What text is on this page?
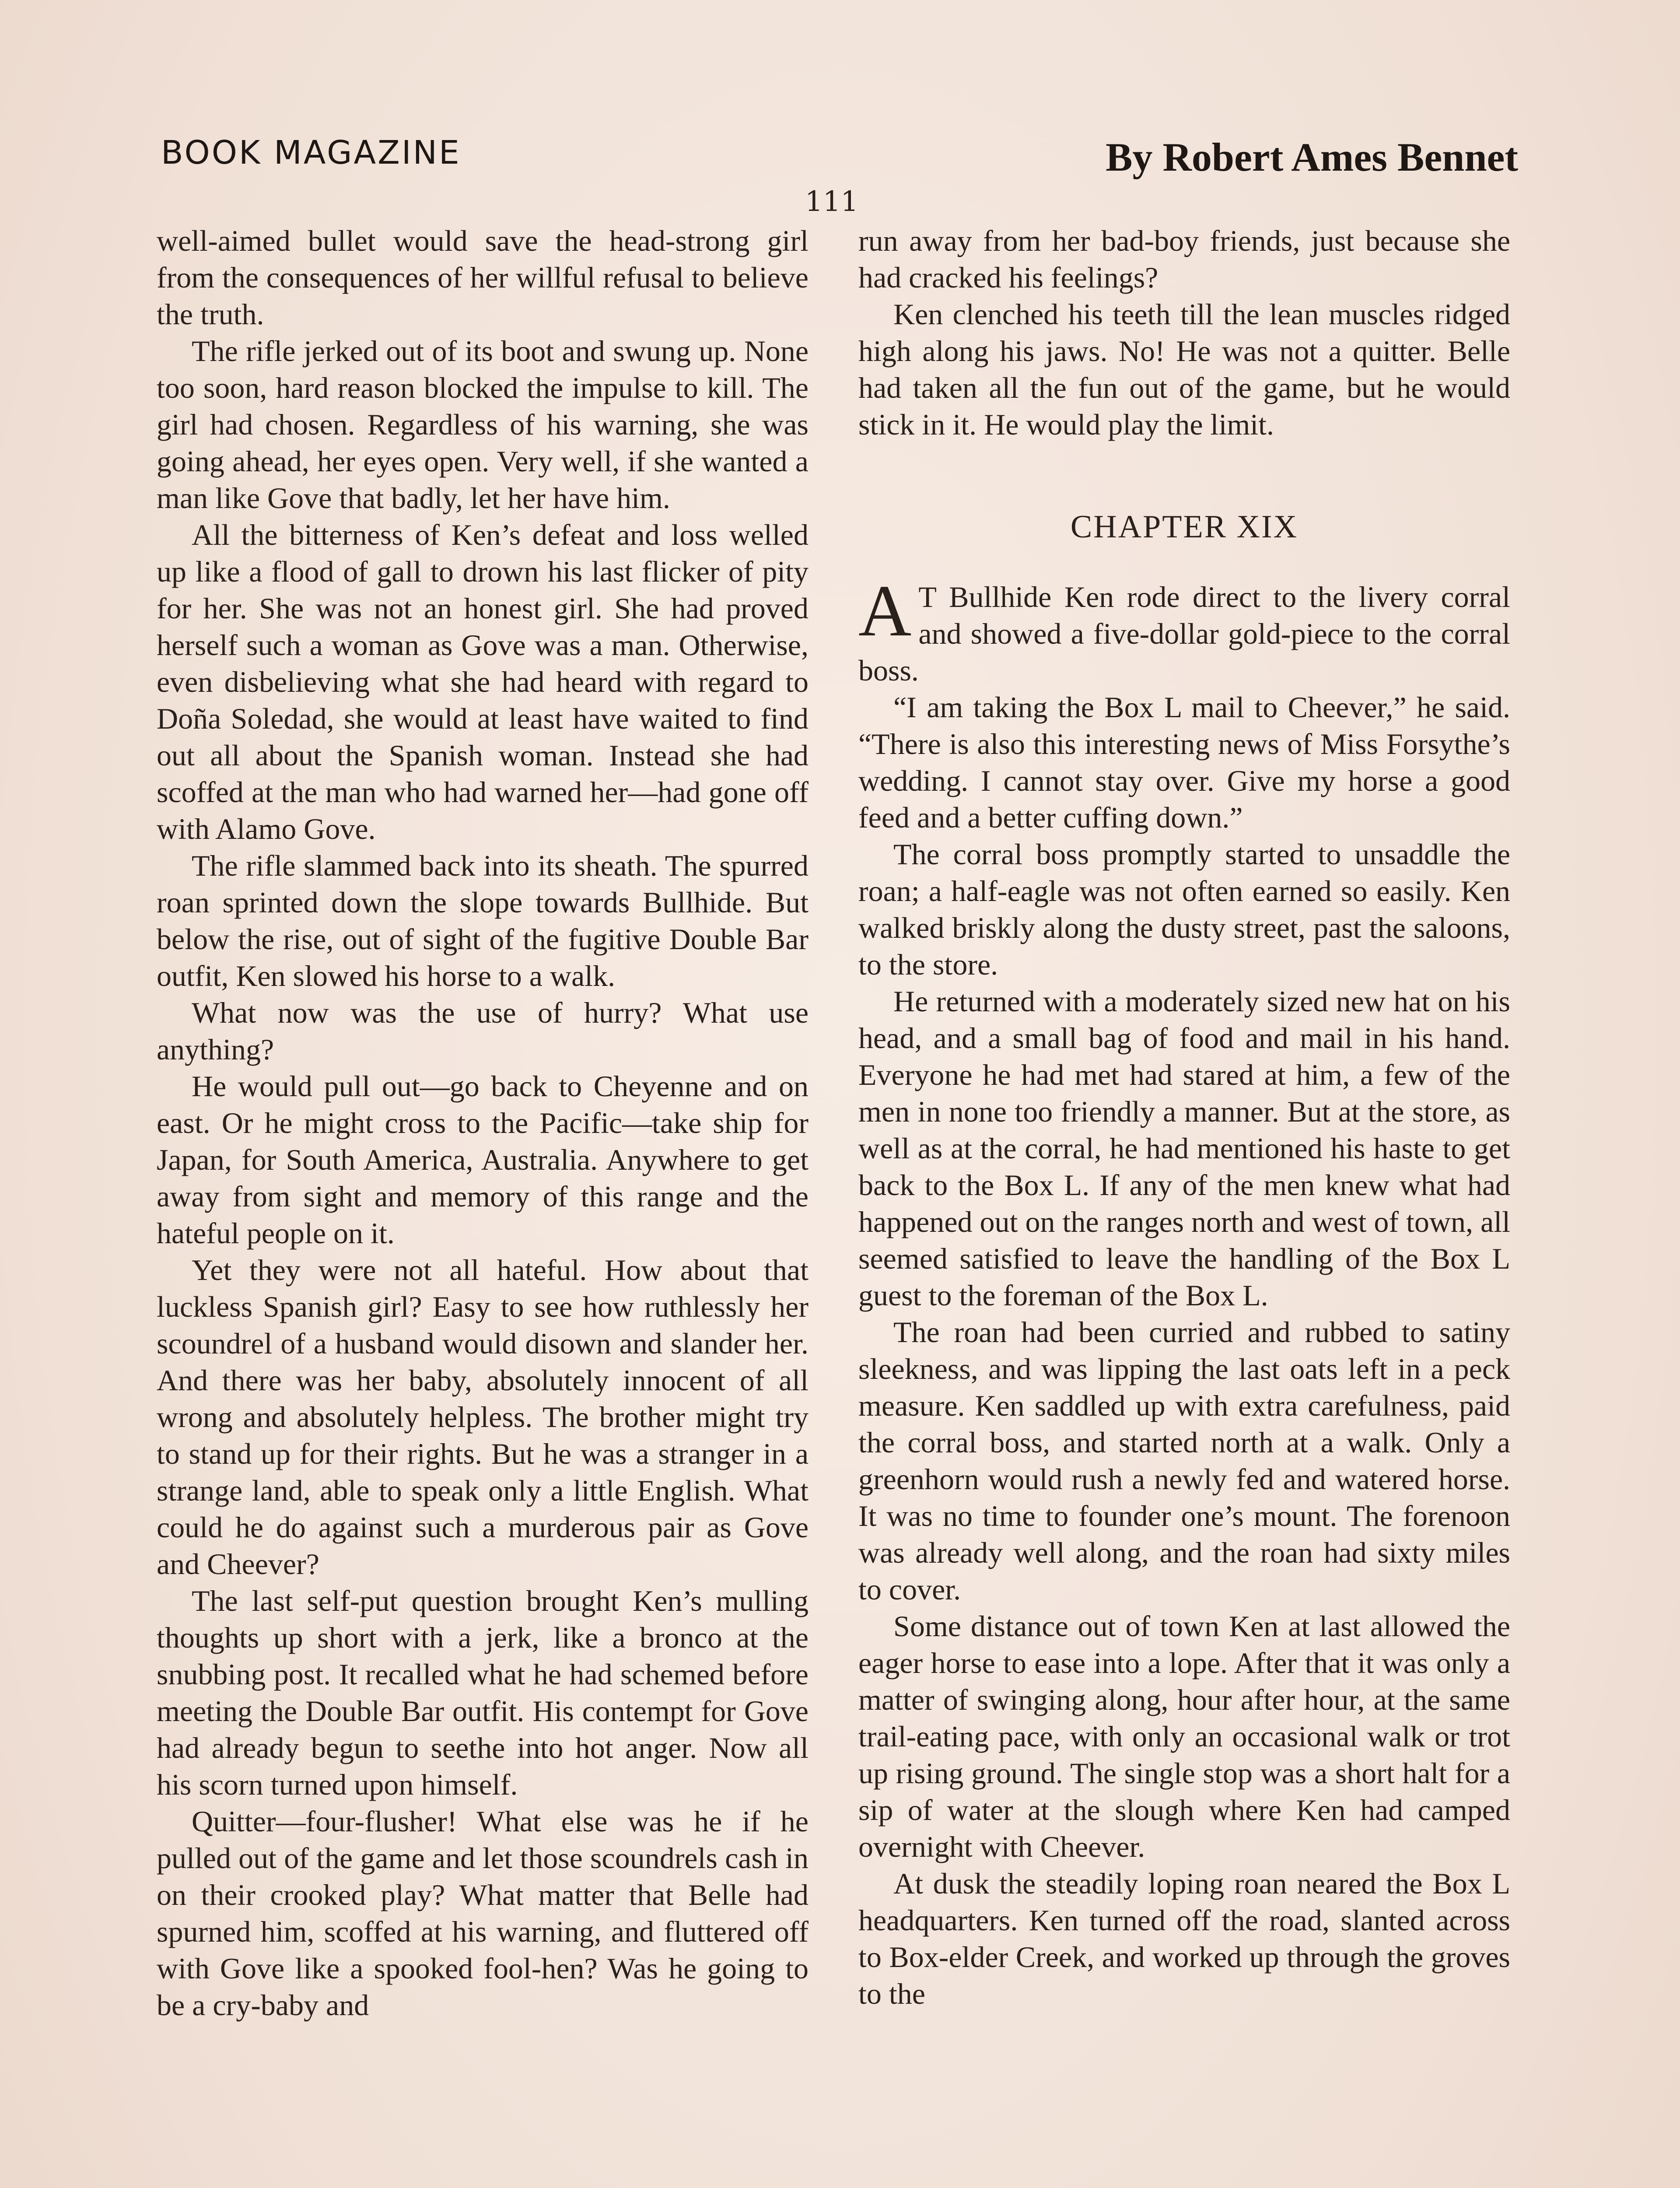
BOOK MAGAZINE	By Robert Ames Bennet
111

well-aimed bullet would save the head-strong girl from the consequences of her willful refusal to believe the truth.

The rifle jerked out of its boot and swung up. None too soon, hard reason blocked the impulse to kill. The girl had chosen. Regardless of his warning, she was going ahead, her eyes open. Very well, if she wanted a man like Gove that badly, let her have him.

All the bitterness of Ken’s defeat and loss welled up like a flood of gall to drown his last flicker of pity for her. She was not an honest girl. She had proved herself such a woman as Gove was a man. Otherwise, even disbelieving what she had heard with regard to Doña Soledad, she would at least have waited to find out all about the Spanish woman. Instead she had scoffed at the man who had warned her—had gone off with Alamo Gove.

The rifle slammed back into its sheath. The spurred roan sprinted down the slope towards Bullhide. But below the rise, out of sight of the fugitive Double Bar outfit, Ken slowed his horse to a walk.

What now was the use of hurry? What use anything?

He would pull out—go back to Cheyenne and on east. Or he might cross to the Pacific—take ship for Japan, for South America, Australia. Anywhere to get away from sight and memory of this range and the hateful people on it.

Yet they were not all hateful. How about that luckless Spanish girl? Easy to see how ruthlessly her scoundrel of a husband would disown and slander her. And there was her baby, absolutely innocent of all wrong and absolutely helpless. The brother might try to stand up for their rights. But he was a stranger in a strange land, able to speak only a little English. What could he do against such a murderous pair as Gove and Cheever?

The last self-put question brought Ken’s mulling thoughts up short with a jerk, like a bronco at the snubbing post. It recalled what he had schemed before meeting the Double Bar outfit. His contempt for Gove had already begun to seethe into hot anger. Now all his scorn turned upon himself.

Quitter—four-flusher! What else was he if he pulled out of the game and let those scoundrels cash in on their crooked play? What matter that Belle had spurned him, scoffed at his warning, and fluttered off with Gove like a spooked fool-hen? Was he going to be a cry-baby and

run away from her bad-boy friends, just because she had cracked his feelings?

Ken clenched his teeth till the lean muscles ridged high along his jaws. No! He was not a quitter. Belle had taken all the fun out of the game, but he would stick in it. He would play the limit.

CHAPTER XIX

A T Bullhide Ken rode direct to the livery corral and showed a five-dollar gold-piece to the corral boss.

“I am taking the Box L mail to Cheever,” he said. “There is also this interesting news of Miss Forsythe’s wedding. I cannot stay over. Give my horse a good feed and a better cuffing down.”

The corral boss promptly started to unsaddle the roan; a half-eagle was not often earned so easily. Ken walked briskly along the dusty street, past the saloons, to the store.

He returned with a moderately sized new hat on his head, and a small bag of food and mail in his hand. Everyone he had met had stared at him, a few of the men in none too friendly a manner. But at the store, as well as at the corral, he had mentioned his haste to get back to the Box L. If any of the men knew what had happened out on the ranges north and west of town, all seemed satisfied to leave the handling of the Box L guest to the foreman of the Box L.

The roan had been curried and rubbed to satiny sleekness, and was lipping the last oats left in a peck measure. Ken saddled up with extra carefulness, paid the corral boss, and started north at a walk. Only a greenhorn would rush a newly fed and watered horse. It was no time to founder one’s mount. The forenoon was already well along, and the roan had sixty miles to cover.

Some distance out of town Ken at last allowed the eager horse to ease into a lope. After that it was only a matter of swinging along, hour after hour, at the same trail-eating pace, with only an occasional walk or trot up rising ground. The single stop was a short halt for a sip of water at the slough where Ken had camped overnight with Cheever.

At dusk the steadily loping roan neared the Box L headquarters. Ken turned off the road, slanted across to Box-elder Creek, and worked up through the groves to the
